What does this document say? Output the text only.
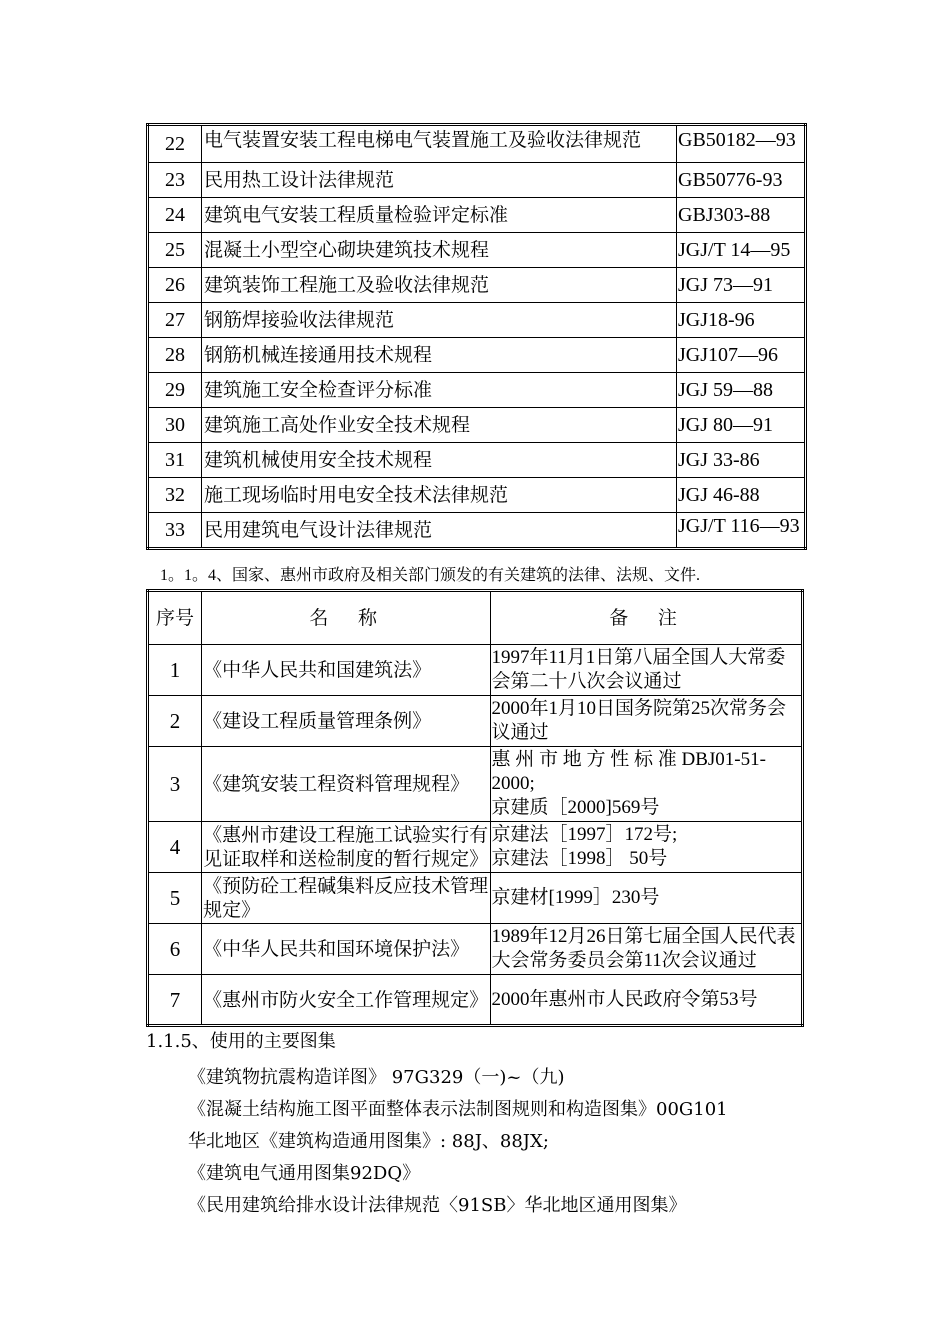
22	电气装置安装工程电梯电气装置施工及验收法律规范	GB50182—93

23	民用热工设计法律规范	GB50776-93
24	建筑电气安装工程质量检验评定标准	GBJ303-88
25	混凝土小型空心砌块建筑技术规程	JGJ/T 14—95
26	建筑装饰工程施工及验收法律规范	JGJ 73—91
27	钢筋焊接验收法律规范	JGJ18-96
28	钢筋机械连接通用技术规程	JGJ107—96
29	建筑施工安全检查评分标准	JGJ 59—88
30	建筑施工高处作业安全技术规程	JGJ 80—91
31	建筑机械使用安全技术规程	JGJ 33-86
32	施工现场临时用电安全技术法律规范	JGJ 46-88
33	民用建筑电气设计法律规范	JGJ/T 116—93
1。1。4、国家、惠州市政府及相关部门颁发的有关建筑的法律、法规、文件.
序号	名　称	备　注
1	《中华人民共和国建筑法》	1997年11月1日第八届全国人大常委会第二十八次会议通过
2	《建设工程质量管理条例》	2000年1月10日国务院第25次常务会议通过
3	《建筑安装工程资料管理规程》	惠 州 市 地 方 性 标 准 DBJ01-51-2000;
京建质［2000]569号

4	《惠州市建设工程施工试验实行有见证取样和送检制度的暂行规定》	京建法［1997］172号;
京建法［1998］ 50号

5	《预防砼工程碱集料反应技术管理规定》	京建材[1999］230号
6	《中华人民共和国环境保护法》	1989年12月26日第七届全国人民代表大会常务委员会第11次会议通过
7	《惠州市防火安全工作管理规定》	2000年惠州市人民政府令第53号
1.1.5、使用的主要图集
《建筑物抗震构造详图》 97G329（一)~（九)
《混凝土结构施工图平面整体表示法制图规则和构造图集》00G101
华北地区《建筑构造通用图集》: 88J、88JX;
《建筑电气通用图集92DQ》
《民用建筑给排水设计法律规范〈91SB〉华北地区通用图集》
